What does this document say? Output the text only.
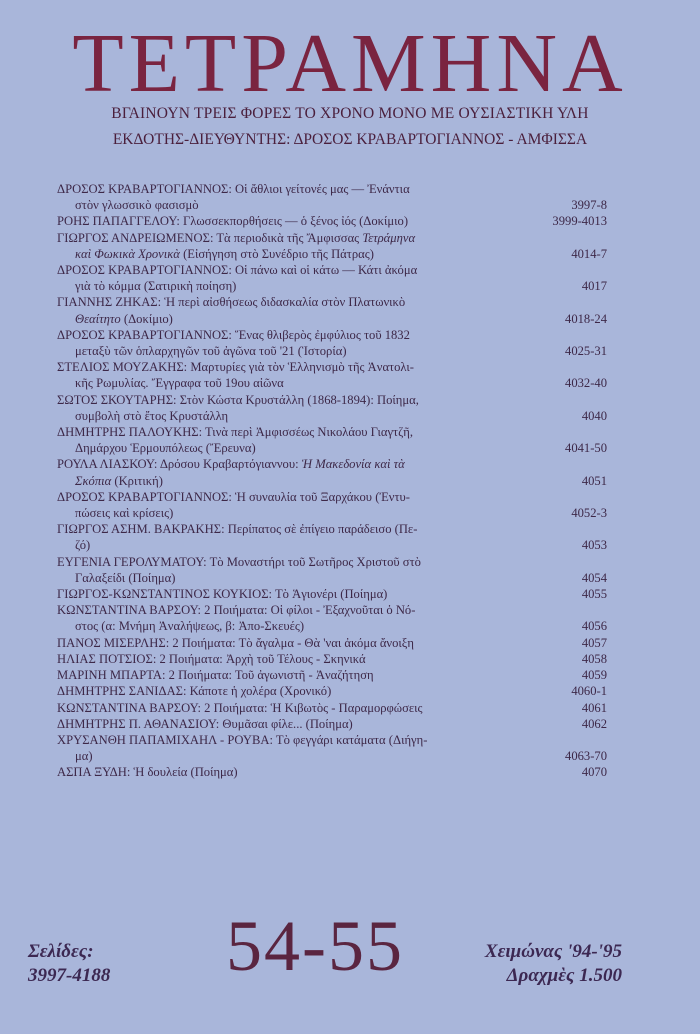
ΤΕΤΡΑΜΗΝΑ
ΒΓΑΙΝΟΥΝ ΤΡΕΙΣ ΦΟΡΕΣ ΤΟ ΧΡΟΝΟ ΜΟΝΟ ΜΕ ΟΥΣΙΑΣΤΙΚΗ ΥΛΗ
ΕΚΔΟΤΗΣ-ΔΙΕΥΘΥΝΤΗΣ: ΔΡΟΣΟΣ ΚΡΑΒΑΡΤΟΓΙΑΝΝΟΣ - ΑΜΦΙΣΣΑ
ΔΡΟΣΟΣ ΚΡΑΒΑΡΤΟΓΙΑΝΝΟΣ: Οἱ ἄθλιοι γείτονές μας — Ἐνάντια
στὸν γλωσσικὸ φασισμὸ	3997-8
ΡΟΗΣ ΠΑΠΑΓΓΕΛΟΥ: Γλωσσεκπορθήσεις — ὁ ξένος ἰός (Δοκίμιο)	3999-4013
ΓΙΩΡΓΟΣ ΑΝΔΡΕΙΩΜΕΝΟΣ: Τὰ περιοδικὰ τῆς Ἄμφισσας Τετράμηνα
καὶ Φωκικὰ Χρονικὰ (Εἰσήγηση στὸ Συνέδριο τῆς Πάτρας)	4014-7
ΔΡΟΣΟΣ ΚΡΑΒΑΡΤΟΓΙΑΝΝΟΣ: Οἱ πάνω καὶ οἱ κάτω — Κάτι ἀκόμα
γιὰ τὸ κόμμα (Σατιρικὴ ποίηση)	4017
ΓΙΑΝΝΗΣ ΖΗΚΑΣ: Ἡ περὶ αἰσθήσεως διδασκαλία στὸν Πλατωνικὸ
Θεαίτητο (Δοκίμιο)	4018-24
ΔΡΟΣΟΣ ΚΡΑΒΑΡΤΟΓΙΑΝΝΟΣ: Ἕνας θλιβερὸς ἐμφύλιος τοῦ 1832
μεταξὺ τῶν ὁπλαρχηγῶν τοῦ ἀγῶνα τοῦ '21 (Ἱστορία)	4025-31
ΣΤΕΛΙΟΣ ΜΟΥΖΑΚΗΣ: Μαρτυρίες γιὰ τὸν Ἑλληνισμὸ τῆς Ἀνατολι-
κῆς Ρωμυλίας. Ἔγγραφα τοῦ 19ου αἰῶνα	4032-40
ΣΩΤΟΣ ΣΚΟΥΤΑΡΗΣ: Στὸν Κώστα Κρυστάλλη (1868-1894): Ποίημα,
συμβολὴ στὸ ἔτος Κρυστάλλη	4040
ΔΗΜΗΤΡΗΣ ΠΑΛΟΥΚΗΣ: Τινὰ περὶ Ἀμφισσέως Νικολάου Γιαγτζῆ,
Δημάρχου Ἑρμουπόλεως (Ἔρευνα)	4041-50
ΡΟΥΛΑ ΛΙΑΣΚΟΥ: Δρόσου Κραβαρτόγιαννου: Ἡ Μακεδονία καὶ τὰ
Σκόπια (Κριτική)	4051
ΔΡΟΣΟΣ ΚΡΑΒΑΡΤΟΓΙΑΝΝΟΣ: Ἡ συναυλία τοῦ Ξαρχάκου (Ἐντυ-
πώσεις καὶ κρίσεις)	4052-3
ΓΙΩΡΓΟΣ ΑΣΗΜ. ΒΑΚΡΑΚΗΣ: Περίπατος σὲ ἐπίγειο παράδεισο (Πε-
ζό)	4053
ΕΥΓΕΝΙΑ ΓΕΡΟΛΥΜΑΤΟΥ: Τὸ Μοναστήρι τοῦ Σωτῆρος Χριστοῦ στὸ
Γαλαξείδι (Ποίημα)	4054
ΓΙΩΡΓΟΣ-ΚΩΝΣΤΑΝΤΙΝΟΣ ΚΟΥΚΙΟΣ: Τὸ Ἁγιονέρι (Ποίημα)	4055
ΚΩΝΣΤΑΝΤΙΝΑ ΒΑΡΣΟΥ: 2 Ποιήματα: Οἱ φίλοι - Ἐξαχνοῦται ὁ Νό-
στος (α: Μνήμη Ἀναλήψεως, β: Ἀπο-Σκευές)	4056
ΠΑΝΟΣ ΜΙΣΕΡΛΗΣ: 2 Ποιήματα: Τὸ ἄγαλμα - Θὰ 'ναι ἀκόμα ἄνοιξη	4057
ΗΛΙΑΣ ΠΟΤΣΙΟΣ: 2 Ποιήματα: Ἀρχὴ τοῦ Τέλους - Σκηνικά	4058
ΜΑΡΙΝΗ ΜΠΑΡΤΑ: 2 Ποιήματα: Τοῦ ἀγωνιστῆ - Ἀναζήτηση	4059
ΔΗΜΗΤΡΗΣ ΣΑΝΙΔΑΣ: Κάποτε ἡ χολέρα (Χρονικό)	4060-1
ΚΩΝΣΤΑΝΤΙΝΑ ΒΑΡΣΟΥ: 2 Ποιήματα: Ἡ Κιβωτὸς - Παραμορφώσεις	4061
ΔΗΜΗΤΡΗΣ Π. ΑΘΑΝΑΣΙΟΥ: Θυμᾶσαι φίλε... (Ποίημα)	4062
ΧΡΥΣΑΝΘΗ ΠΑΠΑΜΙΧΑΗΛ - ΡΟΥΒΑ: Τὸ φεγγάρι κατάματα (Διήγη-
μα)	4063-70
ΑΣΠΑ ΞΥΔΗ: Ἡ δουλεία (Ποίημα)	4070
Σελίδες:
3997-4188	54-55	Χειμώνας '94-'95
Δραχμὲς 1.500
